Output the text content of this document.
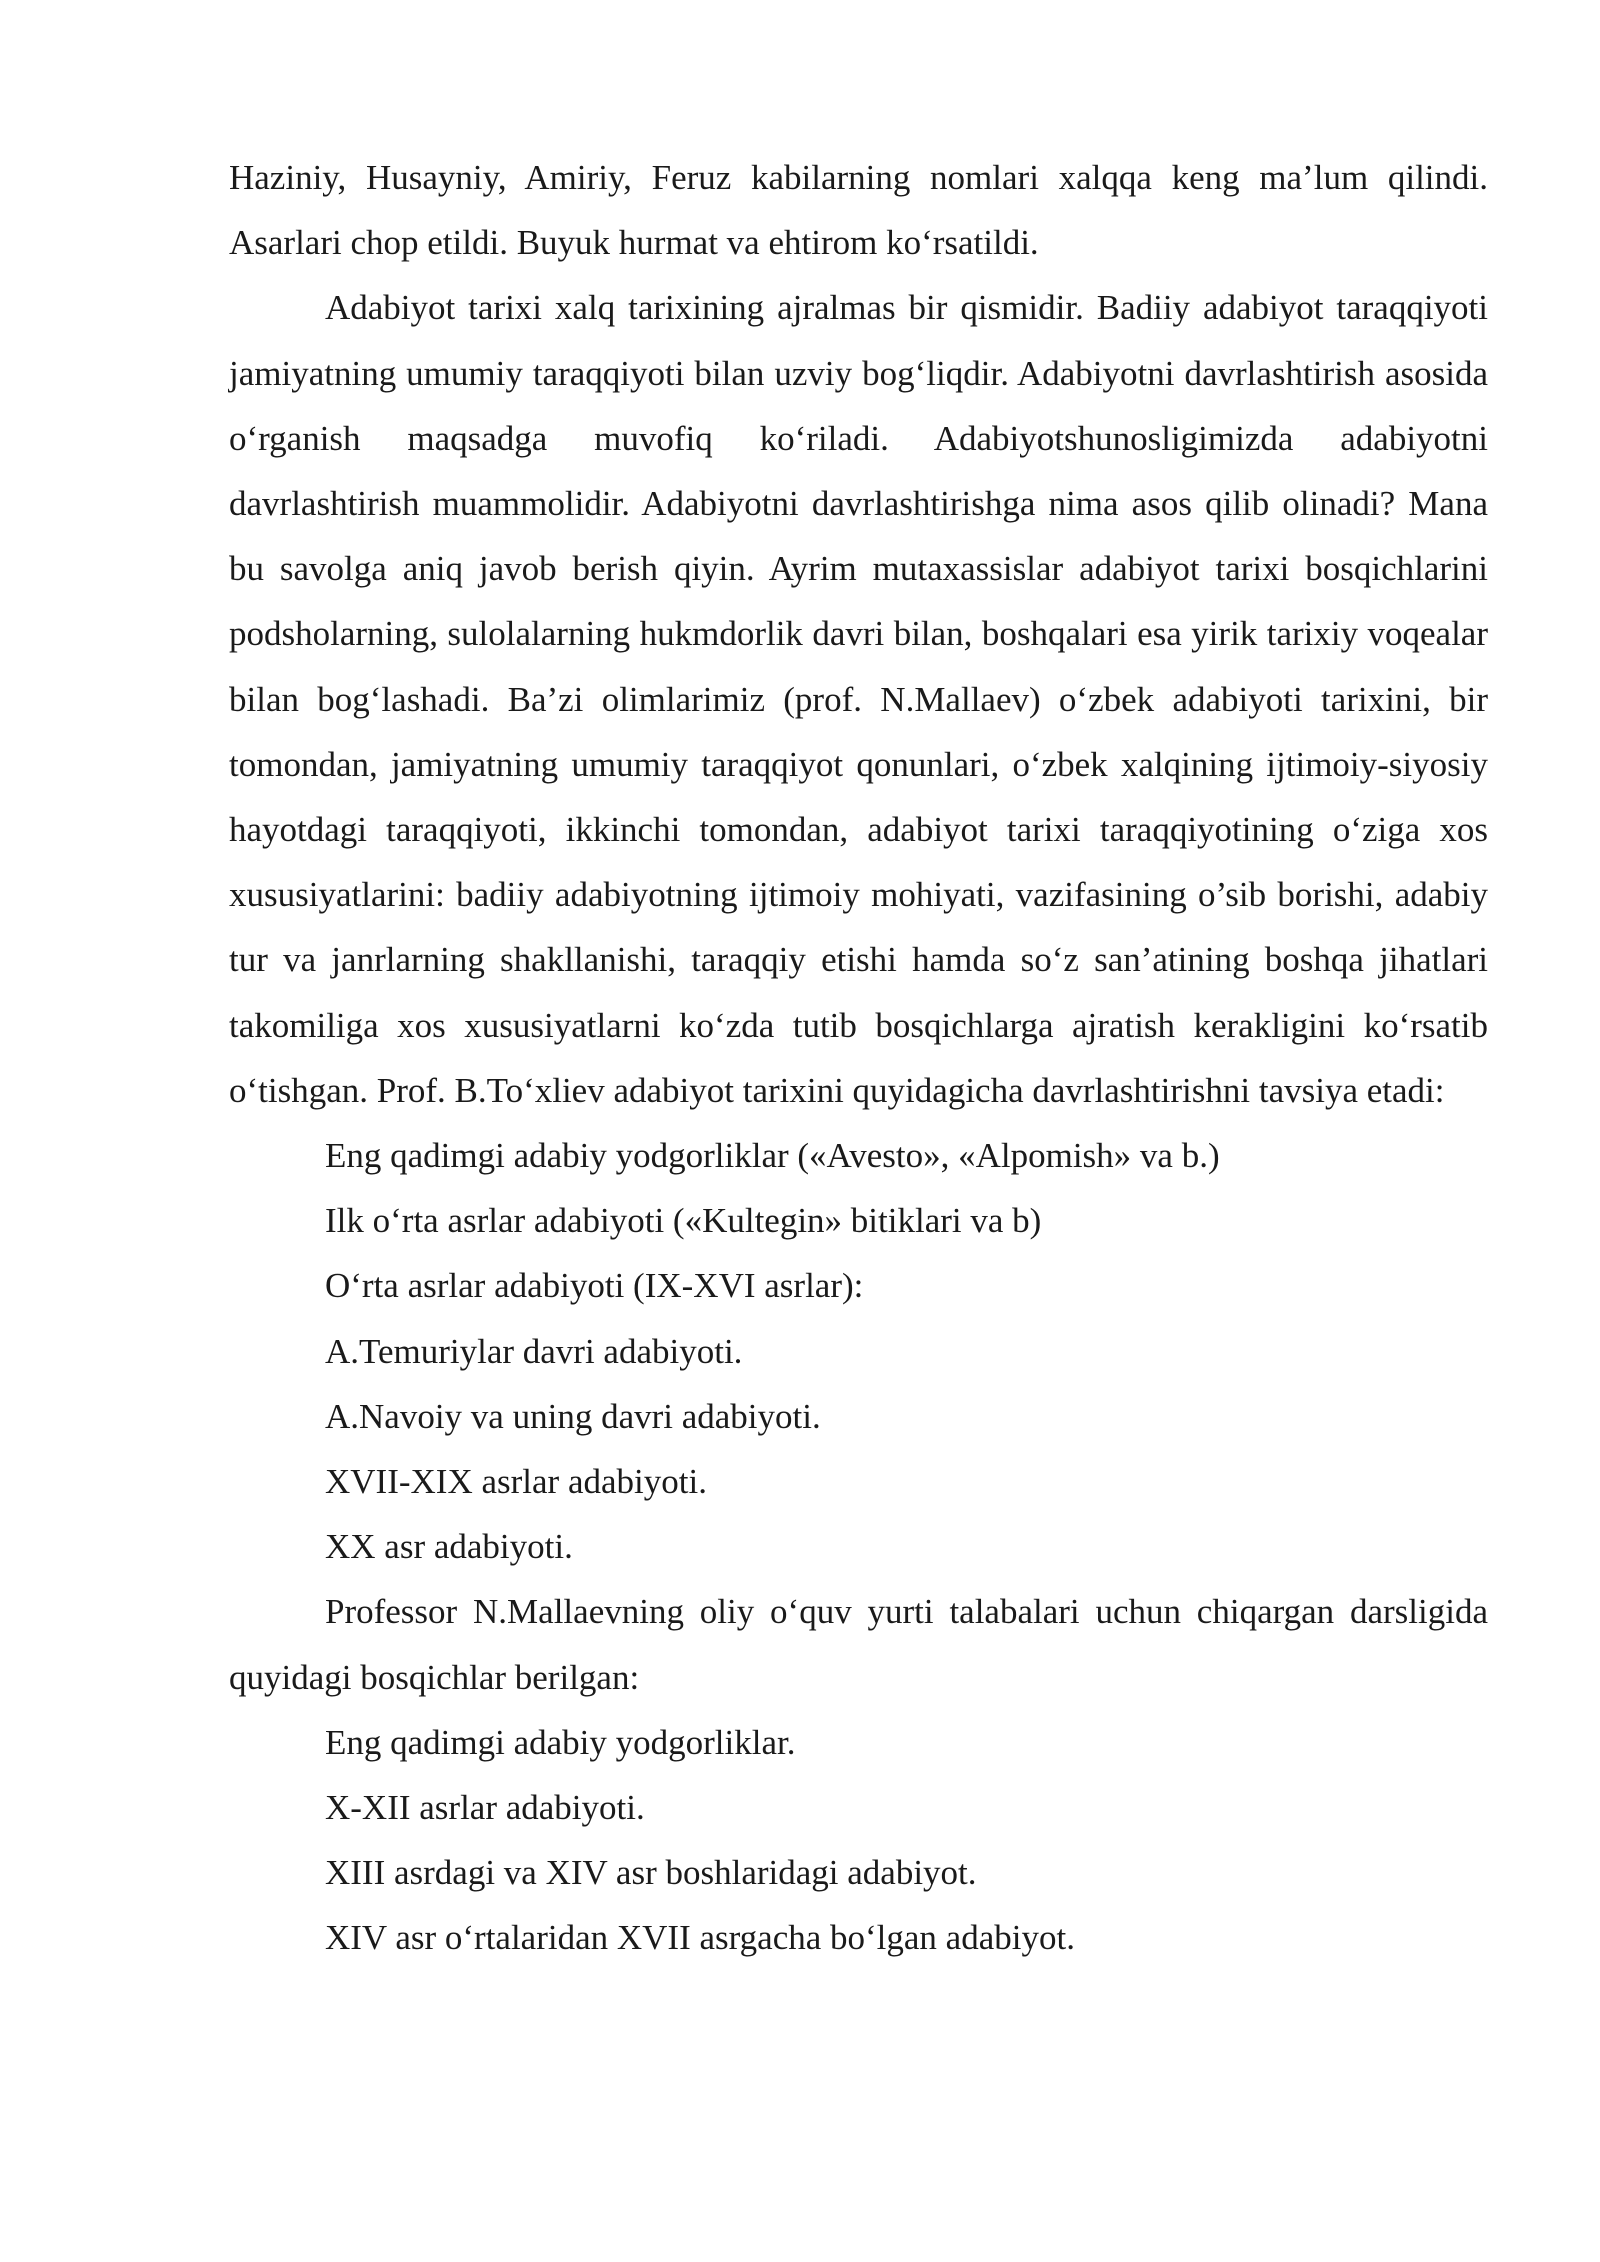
Haziniy, Husayniy, Amiriy, Feruz kabilarning nomlari xalqqa keng ma’lum qilindi. Asarlari chop etildi. Buyuk hurmat va ehtirom ko‘rsatildi.

Adabiyot tarixi xalq tarixining ajralmas bir qismidir. Badiiy adabiyot taraqqiyoti jamiyatning umumiy taraqqiyoti bilan uzviy bog‘liqdir. Adabiyotni davrlashtirish asosida o‘rganish maqsadga muvofiq ko‘riladi. Adabiyotshunosligimizda adabiyotni davrlashtirish muammolidir. Adabiyotni davrlashtirishga nima asos qilib olinadi? Mana bu savolga aniq javob berish qiyin. Ayrim mutaxassislar adabiyot tarixi bosqichlarini podsholarning, sulolalarning hukmdorlik davri bilan, boshqalari esa yirik tarixiy voqealar bilan bog‘lashadi. Ba’zi olimlarimiz (prof. N.Mallaev) o‘zbek adabiyoti tarixini, bir tomondan, jamiyatning umumiy taraqqiyot qonunlari, o‘zbek xalqining ijtimoiy-siyosiy hayotdagi taraqqiyoti, ikkinchi tomondan, adabiyot tarixi taraqqiyotining o‘ziga xos xususiyatlarini: badiiy adabiyotning ijtimoiy mohiyati, vazifasining o’sib borishi, adabiy tur va janrlarning shakllanishi, taraqqiy etishi hamda so‘z san’atining boshqa jihatlari takomiliga xos xususiyatlarni ko‘zda tutib bosqichlarga ajratish kerakligini ko‘rsatib o‘tishgan. Prof. B.To‘xliev adabiyot tarixini quyidagicha davrlashtirishni tavsiya etadi:

Eng qadimgi adabiy yodgorliklar («Avesto», «Alpomish» va b.)

Ilk o‘rta asrlar adabiyoti («Kultegin» bitiklari va b)

O‘rta asrlar adabiyoti (IX-XVI asrlar):

A.Temuriylar davri adabiyoti.

A.Navoiy va uning davri adabiyoti.

XVII-XIX asrlar adabiyoti.

XX asr adabiyoti.

Professor N.Mallaevning oliy o‘quv yurti talabalari uchun chiqargan darsligida quyidagi bosqichlar berilgan:

Eng qadimgi adabiy yodgorliklar.

X-XII asrlar adabiyoti.

XIII asrdagi va XIV asr boshlaridagi adabiyot.

XIV asr o‘rtalaridan XVII asrgacha bo‘lgan adabiyot.
